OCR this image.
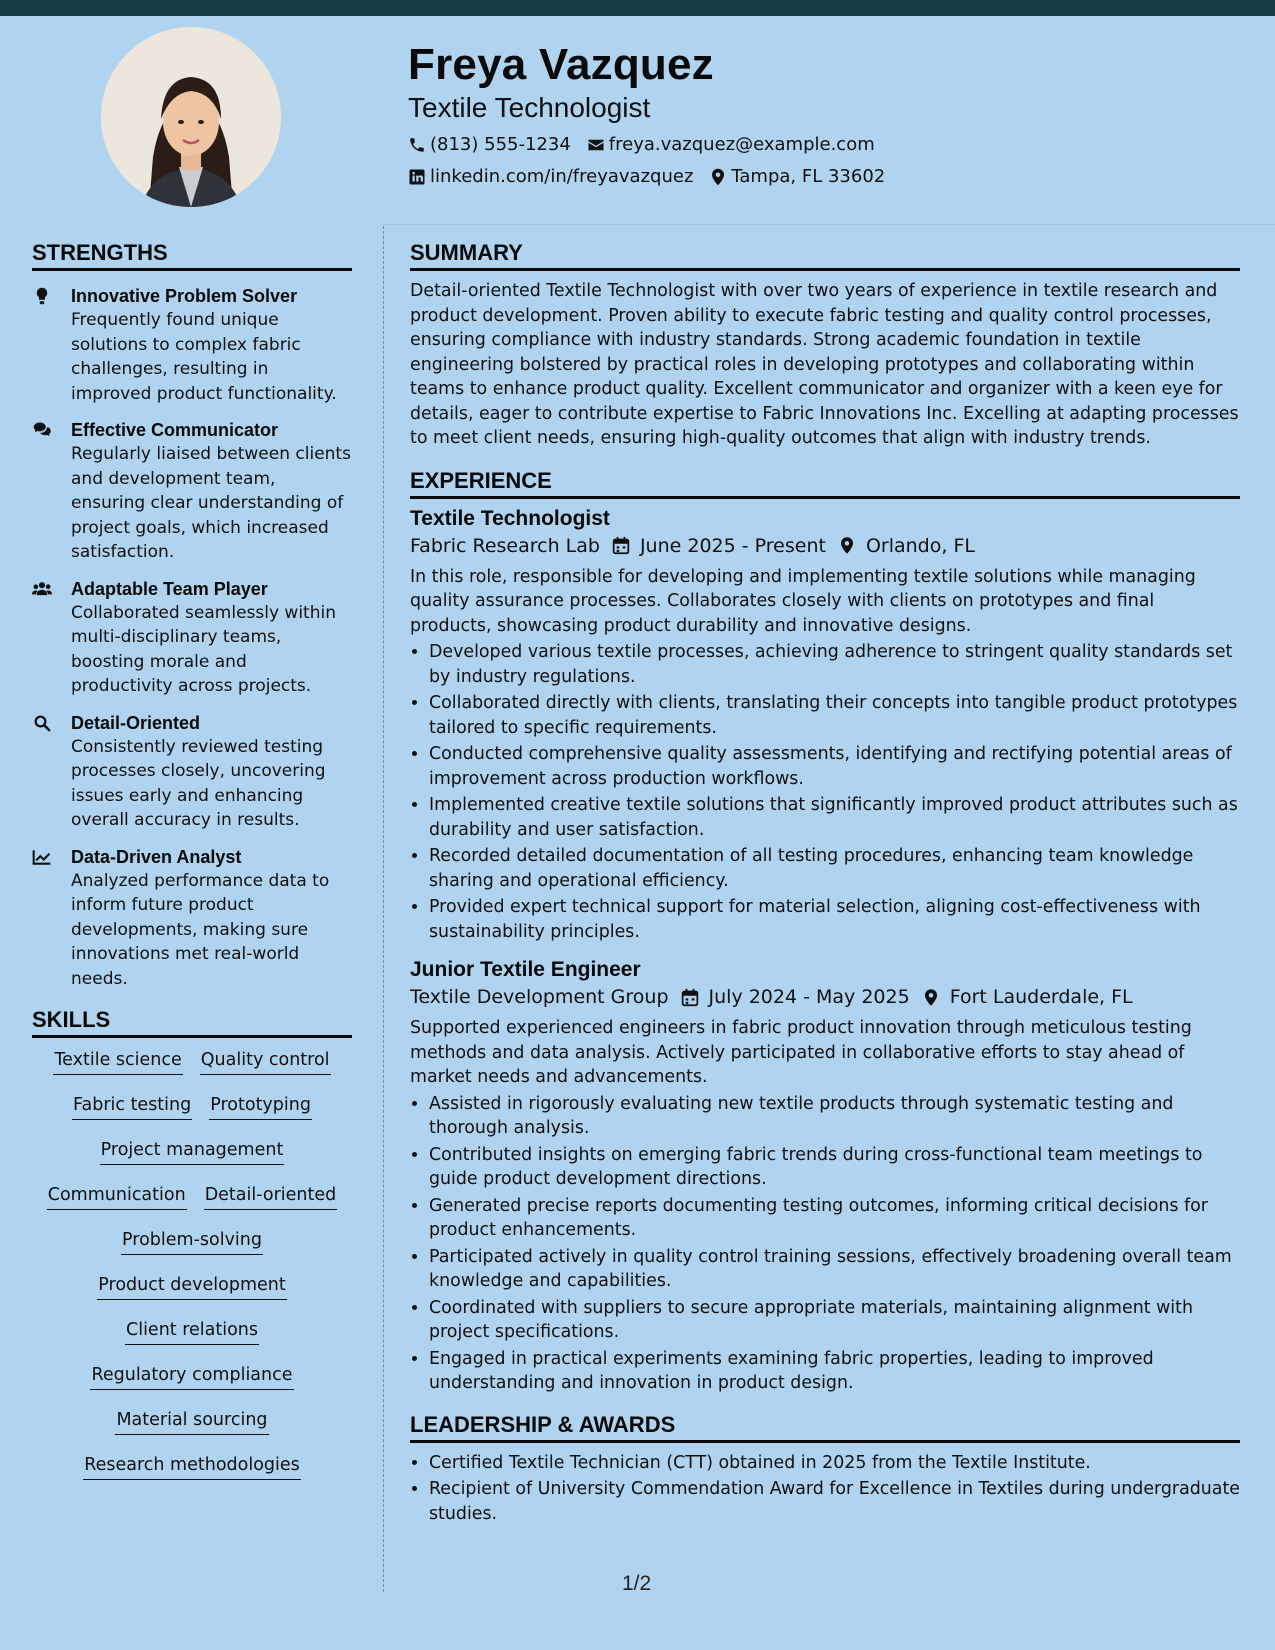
Freya Vazquez
Textile Technologist
(813) 555-1234 freya.vazquez@example.com
linkedin.com/in/freyavazquez Tampa, FL 33602
STRENGTHS
Innovative Problem Solver
Frequently found unique solutions to complex fabric challenges, resulting in improved product functionality.
Effective Communicator
Regularly liaised between clients and development team, ensuring clear understanding of project goals, which increased satisfaction.
Adaptable Team Player
Collaborated seamlessly within multi-disciplinary teams, boosting morale and productivity across projects.
Detail-Oriented
Consistently reviewed testing processes closely, uncovering issues early and enhancing overall accuracy in results.
Data-Driven Analyst
Analyzed performance data to inform future product developments, making sure innovations met real-world needs.
SKILLS
Textile science Quality control
Fabric testing Prototyping
Project management
Communication Detail-oriented
Problem-solving
Product development
Client relations
Regulatory compliance
Material sourcing
Research methodologies
SUMMARY
Detail-oriented Textile Technologist with over two years of experience in textile research and product development. Proven ability to execute fabric testing and quality control processes, ensuring compliance with industry standards. Strong academic foundation in textile engineering bolstered by practical roles in developing prototypes and collaborating within teams to enhance product quality. Excellent communicator and organizer with a keen eye for details, eager to contribute expertise to Fabric Innovations Inc. Excelling at adapting processes to meet client needs, ensuring high-quality outcomes that align with industry trends.
EXPERIENCE
Textile Technologist
Fabric Research Lab June 2025 - Present Orlando, FL
In this role, responsible for developing and implementing textile solutions while managing quality assurance processes. Collaborates closely with clients on prototypes and final products, showcasing product durability and innovative designs.
• Developed various textile processes, achieving adherence to stringent quality standards set by industry regulations.
• Collaborated directly with clients, translating their concepts into tangible product prototypes tailored to specific requirements.
• Conducted comprehensive quality assessments, identifying and rectifying potential areas of improvement across production workflows.
• Implemented creative textile solutions that significantly improved product attributes such as durability and user satisfaction.
• Recorded detailed documentation of all testing procedures, enhancing team knowledge sharing and operational efficiency.
• Provided expert technical support for material selection, aligning cost-effectiveness with sustainability principles.
Junior Textile Engineer
Textile Development Group July 2024 - May 2025 Fort Lauderdale, FL
Supported experienced engineers in fabric product innovation through meticulous testing methods and data analysis. Actively participated in collaborative efforts to stay ahead of market needs and advancements.
• Assisted in rigorously evaluating new textile products through systematic testing and thorough analysis.
• Contributed insights on emerging fabric trends during cross-functional team meetings to guide product development directions.
• Generated precise reports documenting testing outcomes, informing critical decisions for product enhancements.
• Participated actively in quality control training sessions, effectively broadening overall team knowledge and capabilities.
• Coordinated with suppliers to secure appropriate materials, maintaining alignment with project specifications.
• Engaged in practical experiments examining fabric properties, leading to improved understanding and innovation in product design.
LEADERSHIP & AWARDS
• Certified Textile Technician (CTT) obtained in 2025 from the Textile Institute.
• Recipient of University Commendation Award for Excellence in Textiles during undergraduate studies.
1/2
